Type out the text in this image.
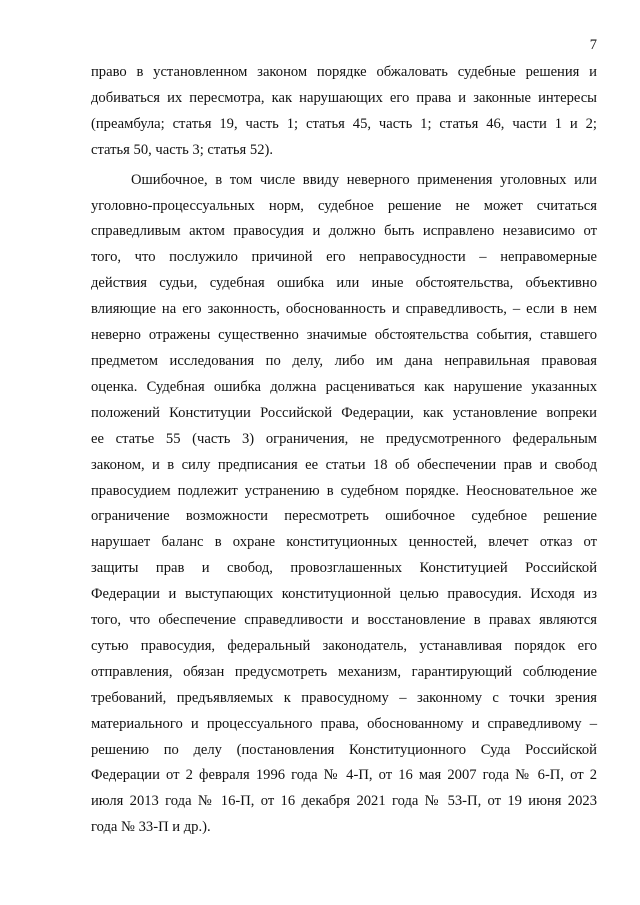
7
право в установленном законом порядке обжаловать судебные решения и
добиваться их пересмотра, как нарушающих его права и законные интересы
(преамбула; статья 19, часть 1; статья 45, часть 1; статья 46, части 1 и 2;
статья 50, часть 3; статья 52).
Ошибочное, в том числе ввиду неверного применения уголовных или
уголовно-процессуальных норм, судебное решение не может считаться
справедливым актом правосудия и должно быть исправлено независимо от
того, что послужило причиной его неправосудности – неправомерные
действия судьи, судебная ошибка или иные обстоятельства, объективно
влияющие на его законность, обоснованность и справедливость, – если в нем
неверно отражены существенно значимые обстоятельства события, ставшего
предметом исследования по делу, либо им дана неправильная правовая
оценка. Судебная ошибка должна расцениваться как нарушение указанных
положений Конституции Российской Федерации, как установление вопреки
ее статье 55 (часть 3) ограничения, не предусмотренного федеральным
законом, и в силу предписания ее статьи 18 об обеспечении прав и свобод
правосудием подлежит устранению в судебном порядке. Неосновательное же
ограничение возможности пересмотреть ошибочное судебное решение
нарушает баланс в охране конституционных ценностей, влечет отказ от
защиты прав и свобод, провозглашенных Конституцией Российской
Федерации и выступающих конституционной целью правосудия. Исходя из
того, что обеспечение справедливости и восстановление в правах являются
сутью правосудия, федеральный законодатель, устанавливая порядок его
отправления, обязан предусмотреть механизм, гарантирующий соблюдение
требований, предъявляемых к правосудному – законному с точки зрения
материального и процессуального права, обоснованному и справедливому –
решению по делу (постановления Конституционного Суда Российской
Федерации от 2 февраля 1996 года № 4-П, от 16 мая 2007 года № 6-П, от 2
июля 2013 года № 16-П, от 16 декабря 2021 года № 53-П, от 19 июня 2023
года № 33-П и др.).
